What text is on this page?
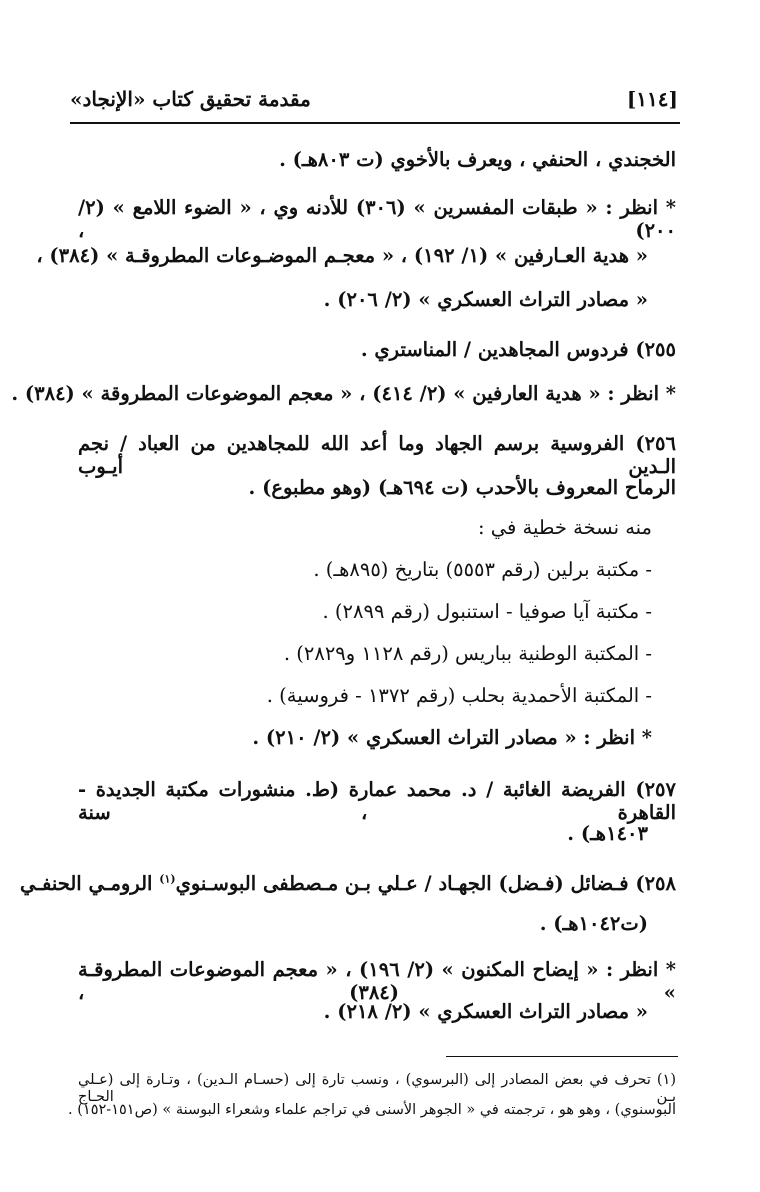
[١١٤]
مقدمة تحقيق كتاب «الإنجاد»
الخجندي ، الحنفي ، ويعرف بالأخوي (ت ٨٠٣هـ) .
* انظر : « طبقات المفسرين » (٣٠٦) للأدنه وي ، « الضوء اللامع » (٢/ ٢٠٠) ،
« هدية العـارفين » (١/ ١٩٢) ، « معجـم الموضـوعات المطروقـة » (٣٨٤) ،
« مصادر التراث العسكري » (٢/ ٢٠٦) .
٢٥٥) فردوس المجاهدين / المناستري .
* انظر : « هدية العارفين » (٢/ ٤١٤) ، « معجم الموضوعات المطروقة » (٣٨٤) .
٢٥٦) الفروسية برسم الجهاد وما أعد الله للمجاهدين من العباد / نجم الـدين أيـوب
الرماح المعروف بالأحدب (ت ٦٩٤هـ) (وهو مطبوع) .
منه نسخة خطية في :
- مكتبة برلين (رقم ٥٥٥٣) بتاريخ (٨٩٥هـ) .
- مكتبة آيا صوفيا - استنبول (رقم ٢٨٩٩) .
- المكتبة الوطنية بباريس (رقم ١١٢٨ و٢٨٢٩) .
- المكتبة الأحمدية بحلب (رقم ١٣٧٢ - فروسية) .
* انظر : « مصادر التراث العسكري » (٢/ ٢١٠) .
٢٥٧) الفريضة الغائبة / د. محمد عمارة (ط. منشورات مكتبة الجديدة - القاهرة ، سنة
١٤٠٣هـ) .
٢٥٨) فـضائل (فـضل) الجهـاد / عـلي بـن مـصطفى البوسـنوي$^{(١)}$ الرومـي الحنفـي
(ت١٠٤٢هـ) .
* انظر : « إيضاح المكنون » (٢/ ١٩٦) ، « معجم الموضوعات المطروقـة » (٣٨٤) ،
« مصادر التراث العسكري » (٢/ ٢١٨) .
(١) تحرف في بعض المصادر إلى (البرسوي) ، ونسب تارة إلى (حسـام الـدين) ، وتـارة إلى (عـلي بـن الحـاج
البوسنوي) ، وهو هو ، ترجمته في « الجوهر الأسنى في تراجم علماء وشعراء البوسنة » (ص١٥١-١٥٢) .
